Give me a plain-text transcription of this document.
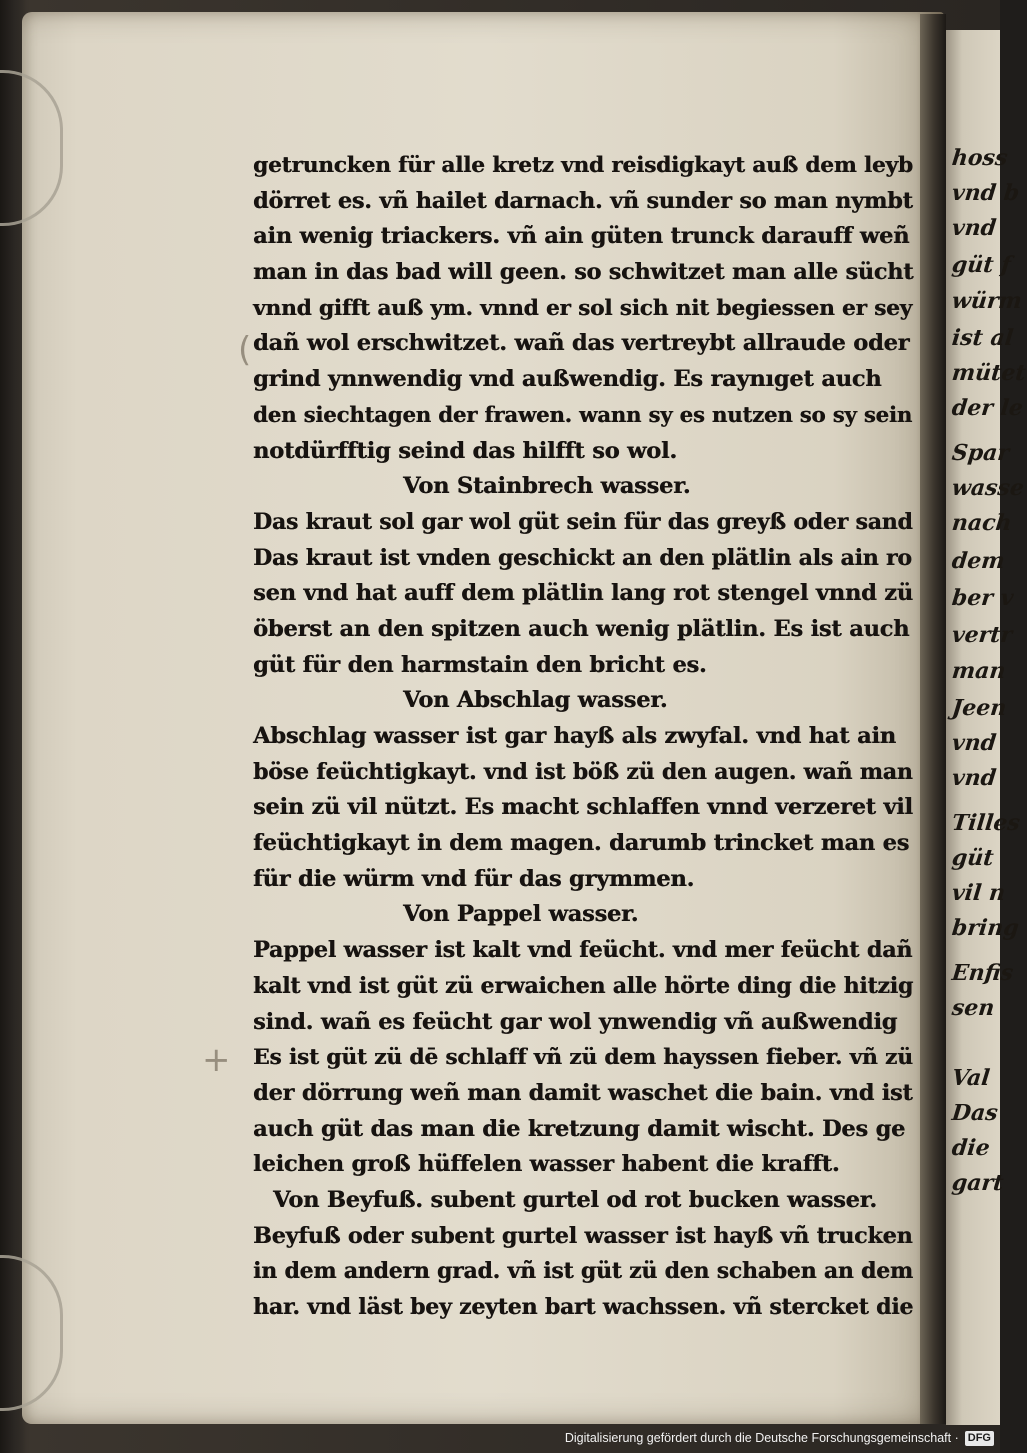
hoss
vnd b
vnd
güt f
würm
ist al
mütet
der le
Spar
wasse
nach
dem
ber v
vertr
man
Jeen
vnd
vnd
Tilles
güt
vil n
bring
Enfis
sen
Val
Das
die
gart
(
+
getruncken für alle kretz vnd reisdigkayt auß dem leyb
dörret es. vñ hailet darnach. vñ sunder so man nymbt
ain wenig triackers. vñ ain güten trunck darauff weñ
man in das bad will geen. so schwitzet man alle sücht
vnnd gifft auß ym. vnnd er sol sich nit begiessen er sey
dañ wol erschwitzet. wañ das vertreybt allraude oder
grind ynnwendig vnd außwendig. Es raynıget auch
den siechtagen der frawen. wann sy es nutzen so sy sein
notdürfftig seind das hilfft so wol.
Von Stainbrech wasser.
Das kraut sol gar wol güt sein für das greyß oder sand
Das kraut ist vnden geschickt an den plätlin als ain ro
sen vnd hat auff dem plätlin lang rot stengel vnnd zü
öberst an den spitzen auch wenig plätlin. Es ist auch
güt für den harmstain den bricht es.
Von Abschlag wasser.
Abschlag wasser ist gar hayß als zwyfal. vnd hat ain
böse feüchtigkayt. vnd ist böß zü den augen. wañ man
sein zü vil nützt. Es macht schlaffen vnnd verzeret vil
feüchtigkayt in dem magen. darumb trincket man es
für die würm vnd für das grymmen.
Von Pappel wasser.
Pappel wasser ist kalt vnd feücht. vnd mer feücht dañ
kalt vnd ist güt zü erwaichen alle hörte ding die hitzig
sind. wañ es feücht gar wol ynwendig vñ außwendig
Es ist güt zü dē schlaff vñ zü dem hayssen fieber. vñ zü
der dörrung weñ man damit waschet die bain. vnd ist
auch güt das man die kretzung damit wischt. Des ge
leichen groß hüffelen wasser habent die krafft.
Von Beyfuß. subent gurtel od rot bucken wasser.
Beyfuß oder subent gurtel wasser ist hayß vñ trucken
in dem andern grad. vñ ist güt zü den schaben an dem
har. vnd läst bey zeyten bart wachssen. vñ stercket die
Digitalisierung gefördert durch die Deutsche Forschungsgemeinschaft · DFG
